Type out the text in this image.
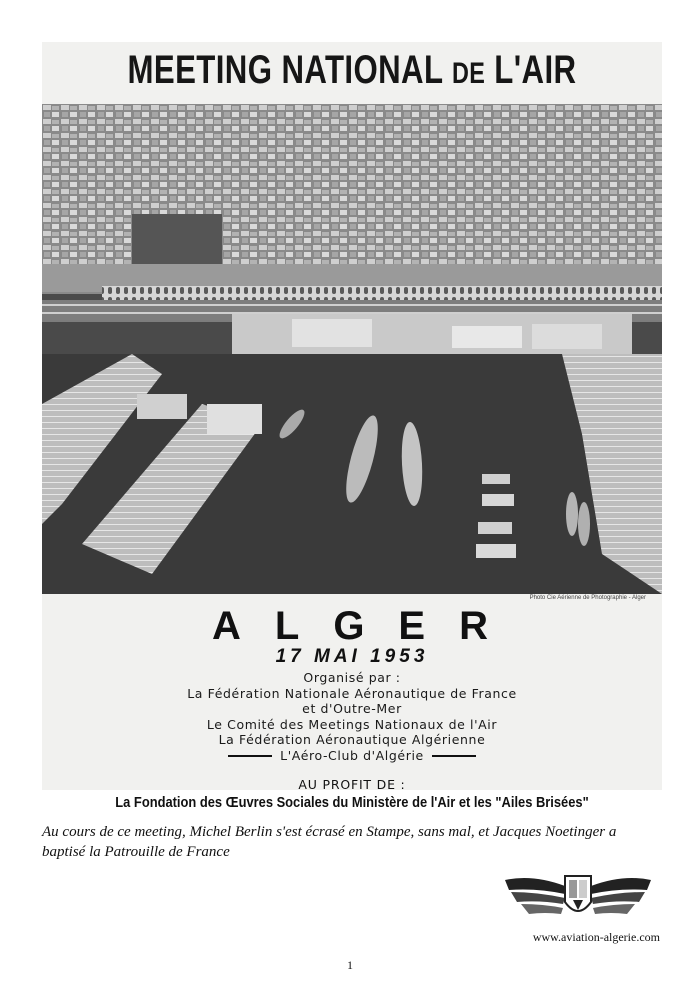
MEETING NATIONAL DE L'AIR
Photo Cie Aérienne de Photographie - Alger
ALGER
17 MAI 1953
Organisé par :
La Fédération Nationale Aéronautique de France
et d'Outre-Mer
Le Comité des Meetings Nationaux de l'Air
La Fédération Aéronautique Algérienne
L'Aéro-Club d'Algérie
AU PROFIT DE :
La Fondation des Œuvres Sociales du Ministère de l'Air et les "Ailes Brisées"
Au cours de ce meeting, Michel Berlin s'est écrasé en Stampe, sans mal, et Jacques Noetinger a baptisé la Patrouille de France
www.aviation-algerie.com
1
